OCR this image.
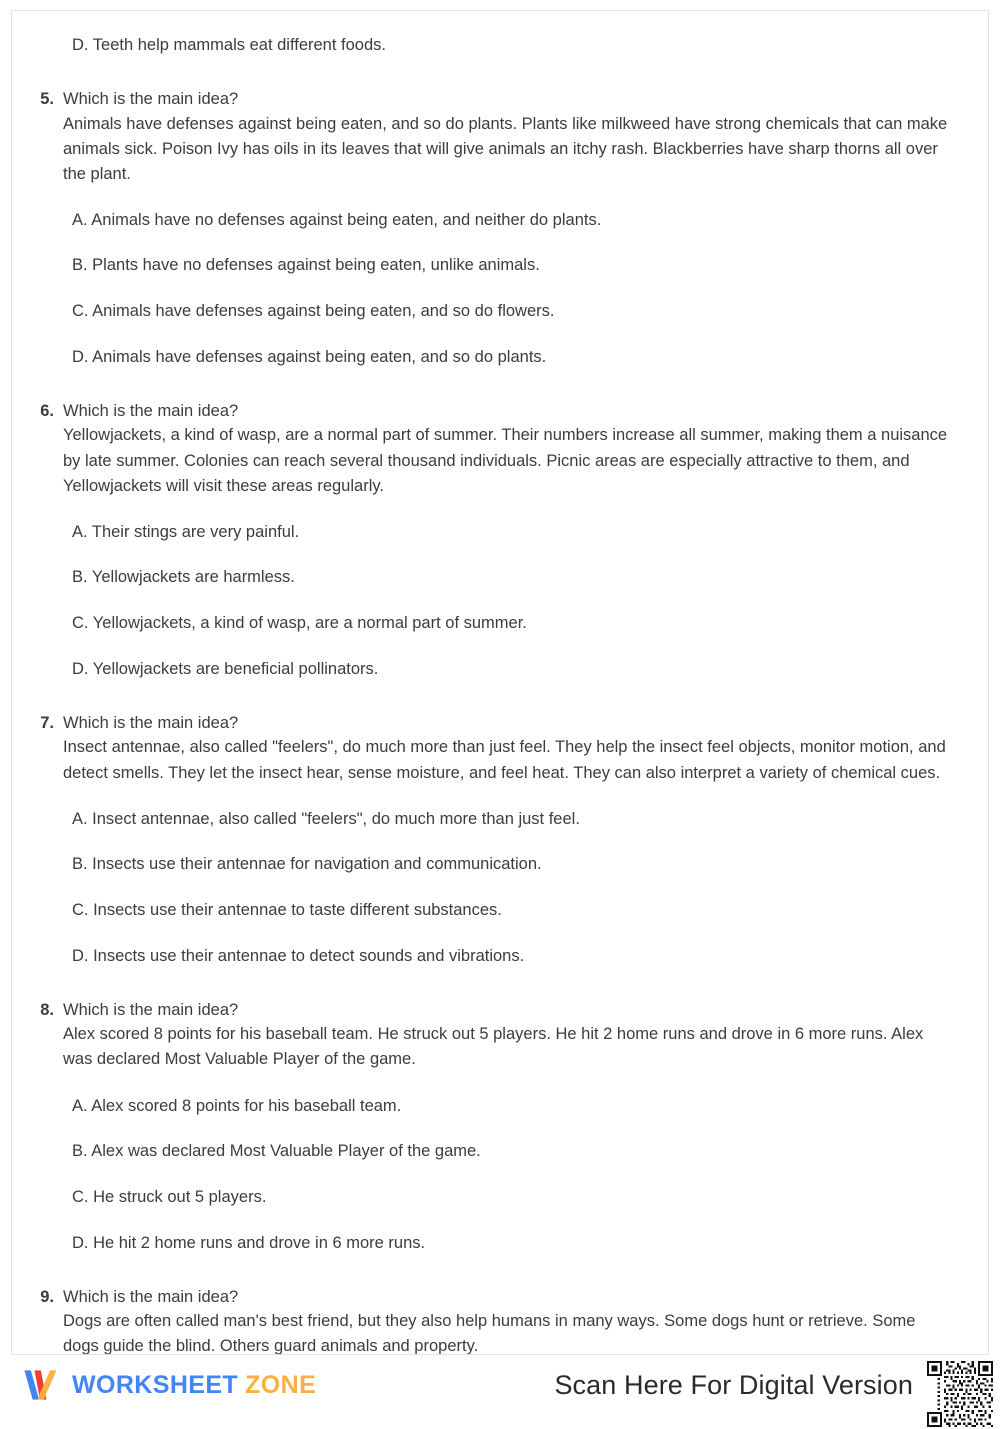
D. Teeth help mammals eat different foods.

5. Which is the main idea?

Animals have defenses against being eaten, and so do plants. Plants like milkweed have strong chemicals that can make animals sick. Poison Ivy has oils in its leaves that will give animals an itchy rash. Blackberries have sharp thorns all over the plant.

A. Animals have no defenses against being eaten, and neither do plants.
B. Plants have no defenses against being eaten, unlike animals.
C. Animals have defenses against being eaten, and so do flowers.
D. Animals have defenses against being eaten, and so do plants.
6. Which is the main idea?

Yellowjackets, a kind of wasp, are a normal part of summer. Their numbers increase all summer, making them a nuisance by late summer. Colonies can reach several thousand individuals. Picnic areas are especially attractive to them, and Yellowjackets will visit these areas regularly.

A. Their stings are very painful.
B. Yellowjackets are harmless.
C. Yellowjackets, a kind of wasp, are a normal part of summer.
D. Yellowjackets are beneficial pollinators.
7. Which is the main idea?

Insect antennae, also called "feelers", do much more than just feel. They help the insect feel objects, monitor motion, and detect smells. They let the insect hear, sense moisture, and feel heat. They can also interpret a variety of chemical cues.

A. Insect antennae, also called "feelers", do much more than just feel.
B. Insects use their antennae for navigation and communication.
C. Insects use their antennae to taste different substances.
D. Insects use their antennae to detect sounds and vibrations.
8. Which is the main idea?

Alex scored 8 points for his baseball team. He struck out 5 players. He hit 2 home runs and drove in 6 more runs. Alex was declared Most Valuable Player of the game.

A. Alex scored 8 points for his baseball team.
B. Alex was declared Most Valuable Player of the game.
C. He struck out 5 players.
D. He hit 2 home runs and drove in 6 more runs.
9. Which is the main idea?

Dogs are often called man's best friend, but they also help humans in many ways. Some dogs hunt or retrieve. Some dogs guide the blind. Others guard animals and property.

WORKSHEET ZONE	Scan Here For Digital Version
